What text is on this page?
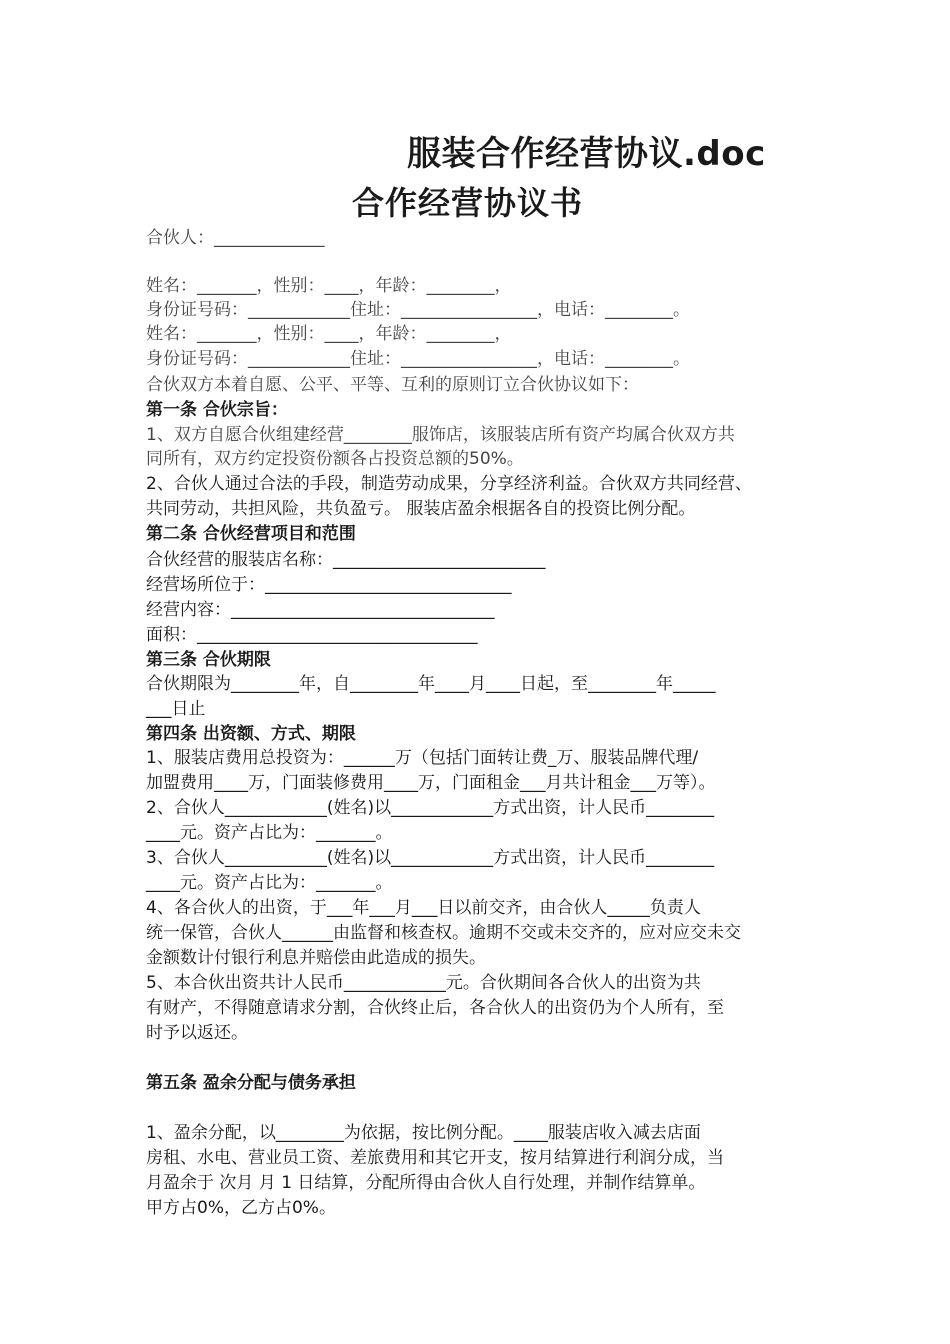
服装合作经营协议.doc
合作经营协议书
合伙人：_____________
姓名：_______，性别：____，年龄：________，
身份证号码：____________住址：________________，电话：________。
姓名：_______，性别：____，年龄：________，
身份证号码：____________住址：________________，电话：________。
合伙双方本着自愿、公平、平等、互利的原则订立合伙协议如下：
第一条 合伙宗旨：
1、双方自愿合伙组建经营________服饰店，该服装店所有资产均属合伙双方共
同所有，双方约定投资份额各占投资总额的50%。
2、合伙人通过合法的手段，制造劳动成果，分享经济利益。合伙双方共同经营、
共同劳动，共担风险，共负盈亏。 服装店盈余根据各自的投资比例分配。
第二条 合伙经营项目和范围
合伙经营的服装店名称：_________________________
经营场所位于：_____________________________
经营内容：_______________________________
面积：_________________________________
第三条 合伙期限
合伙期限为________年，自________年____月____日起，至________年_____
___日止
第四条 出资额、方式、期限
1、服装店费用总投资为：______万（包括门面转让费_万、服装品牌代理/
加盟费用____万，门面装修费用____万，门面租金___月共计租金___万等）。
2、合伙人____________(姓名)以____________方式出资，计人民币________
____元。资产占比为：_______。
3、合伙人____________(姓名)以____________方式出资，计人民币________
____元。资产占比为：_______。
4、各合伙人的出资，于___年___月___日以前交齐，由合伙人_____负责人
统一保管，合伙人______由监督和核查权。逾期不交或未交齐的，应对应交未交
金额数计付银行利息并赔偿由此造成的损失。
5、本合伙出资共计人民币____________元。合伙期间各合伙人的出资为共
有财产，不得随意请求分割，合伙终止后，各合伙人的出资仍为个人所有，至
时予以返还。
第五条 盈余分配与债务承担
1、盈余分配，以________为依据，按比例分配。____服装店收入减去店面
房租、水电、营业员工资、差旅费用和其它开支，按月结算进行利润分成，当
月盈余于 次月 月 1 日结算，分配所得由合伙人自行处理，并制作结算单。
甲方占0%，乙方占0%。
